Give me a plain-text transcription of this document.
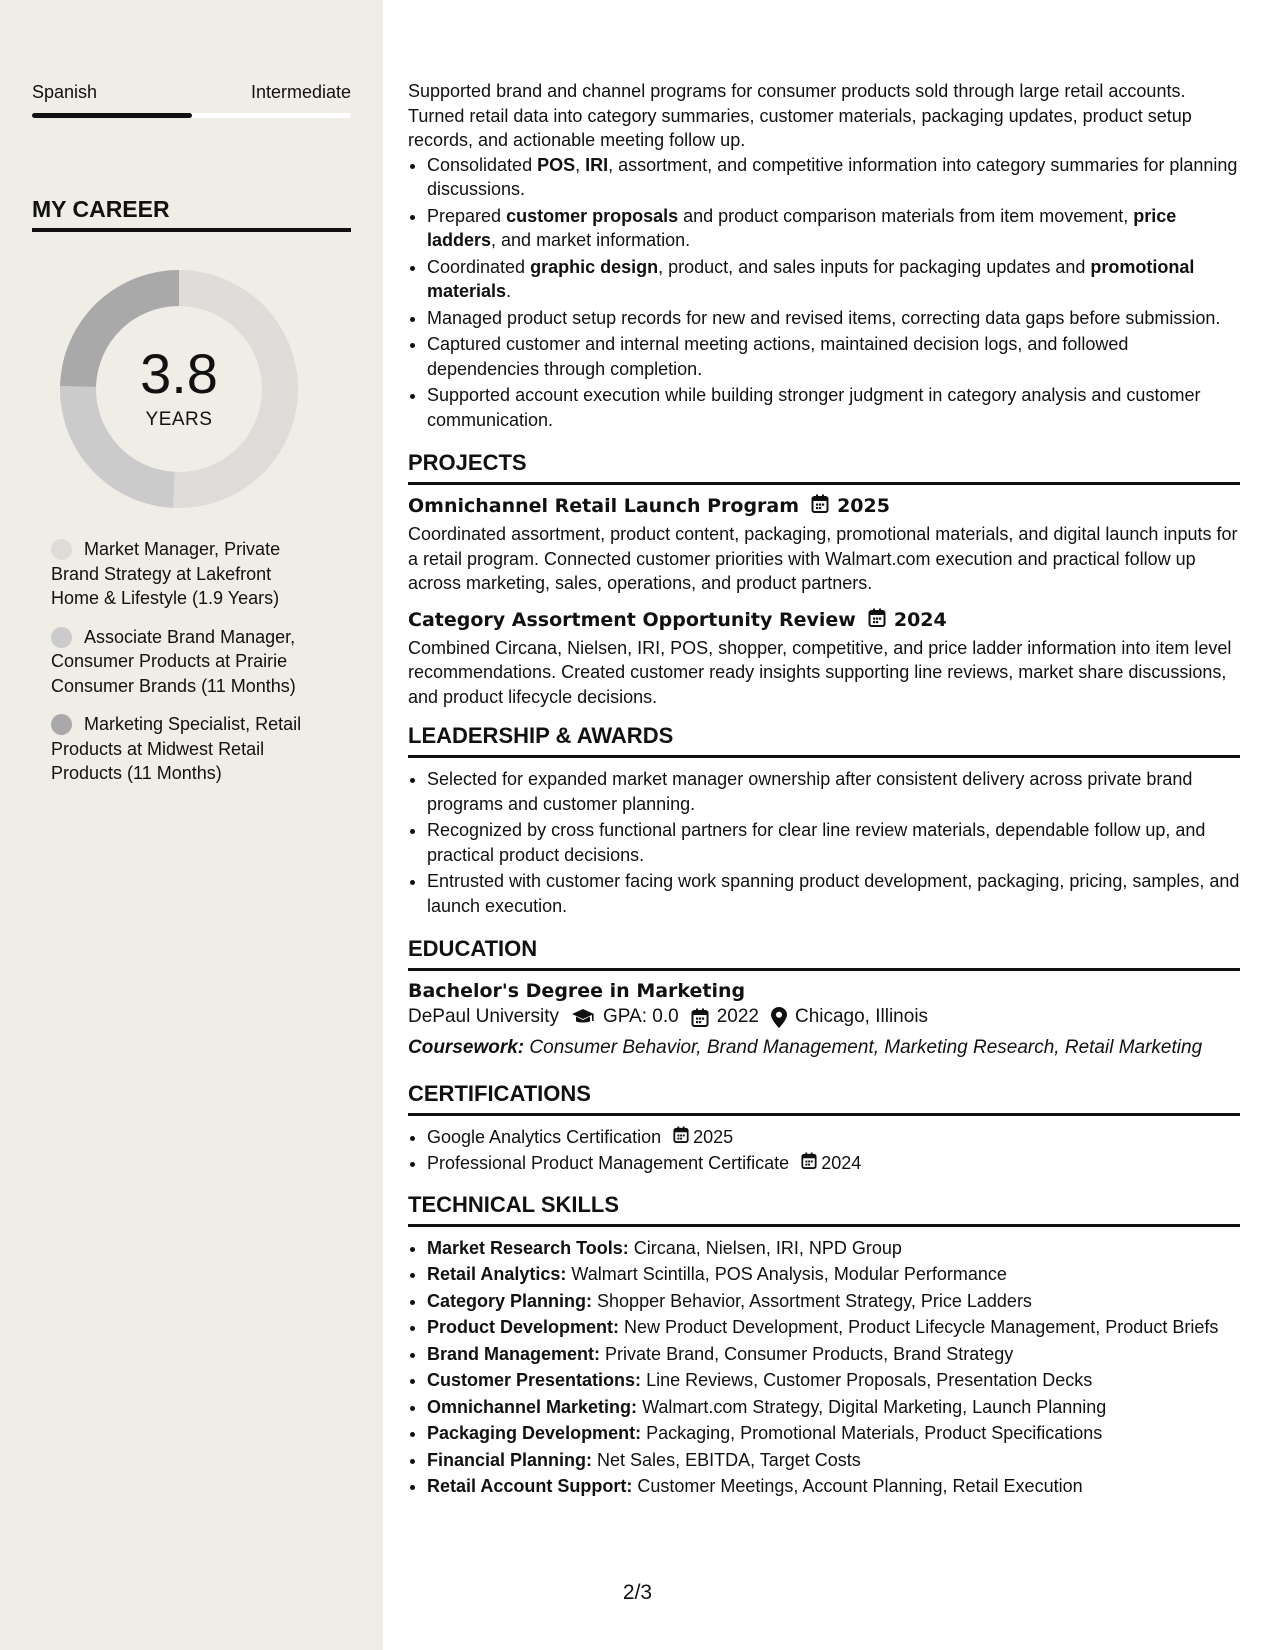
Spanish	Intermediate
MY CAREER
3.8
YEARS
Market Manager, Private Brand Strategy at Lakefront Home & Lifestyle (1.9 Years)
Associate Brand Manager, Consumer Products at Prairie Consumer Brands (11 Months)
Marketing Specialist, Retail Products at Midwest Retail Products (11 Months)

Supported brand and channel programs for consumer products sold through large retail accounts. Turned retail data into category summaries, customer materials, packaging updates, product setup records, and actionable meeting follow up.

• Consolidated POS, IRI, assortment, and competitive information into category summaries for planning discussions.
• Prepared customer proposals and product comparison materials from item movement, price ladders, and market information.
• Coordinated graphic design, product, and sales inputs for packaging updates and promotional materials.
• Managed product setup records for new and revised items, correcting data gaps before submission.
• Captured customer and internal meeting actions, maintained decision logs, and followed dependencies through completion.
• Supported account execution while building stronger judgment in category analysis and customer communication.
PROJECTS
Omnichannel Retail Launch Program 2025

Coordinated assortment, product content, packaging, promotional materials, and digital launch inputs for a retail program. Connected customer priorities with Walmart.com execution and practical follow up across marketing, sales, operations, and product partners.

Category Assortment Opportunity Review 2024

Combined Circana, Nielsen, IRI, POS, shopper, competitive, and price ladder information into item level recommendations. Created customer ready insights supporting line reviews, market share discussions, and product lifecycle decisions.

LEADERSHIP & AWARDS
• Selected for expanded market manager ownership after consistent delivery across private brand programs and customer planning.
• Recognized by cross functional partners for clear line review materials, dependable follow up, and practical product decisions.
• Entrusted with customer facing work spanning product development, packaging, pricing, samples, and launch execution.
EDUCATION
Bachelor's Degree in Marketing
DePaul University GPA: 0.0 2022 Chicago, Illinois
Coursework: Consumer Behavior, Brand Management, Marketing Research, Retail Marketing
CERTIFICATIONS
• Google Analytics Certification 2025
• Professional Product Management Certificate 2024
TECHNICAL SKILLS
• Market Research Tools: Circana, Nielsen, IRI, NPD Group
• Retail Analytics: Walmart Scintilla, POS Analysis, Modular Performance
• Category Planning: Shopper Behavior, Assortment Strategy, Price Ladders
• Product Development: New Product Development, Product Lifecycle Management, Product Briefs
• Brand Management: Private Brand, Consumer Products, Brand Strategy
• Customer Presentations: Line Reviews, Customer Proposals, Presentation Decks
• Omnichannel Marketing: Walmart.com Strategy, Digital Marketing, Launch Planning
• Packaging Development: Packaging, Promotional Materials, Product Specifications
• Financial Planning: Net Sales, EBITDA, Target Costs
• Retail Account Support: Customer Meetings, Account Planning, Retail Execution
2/3
